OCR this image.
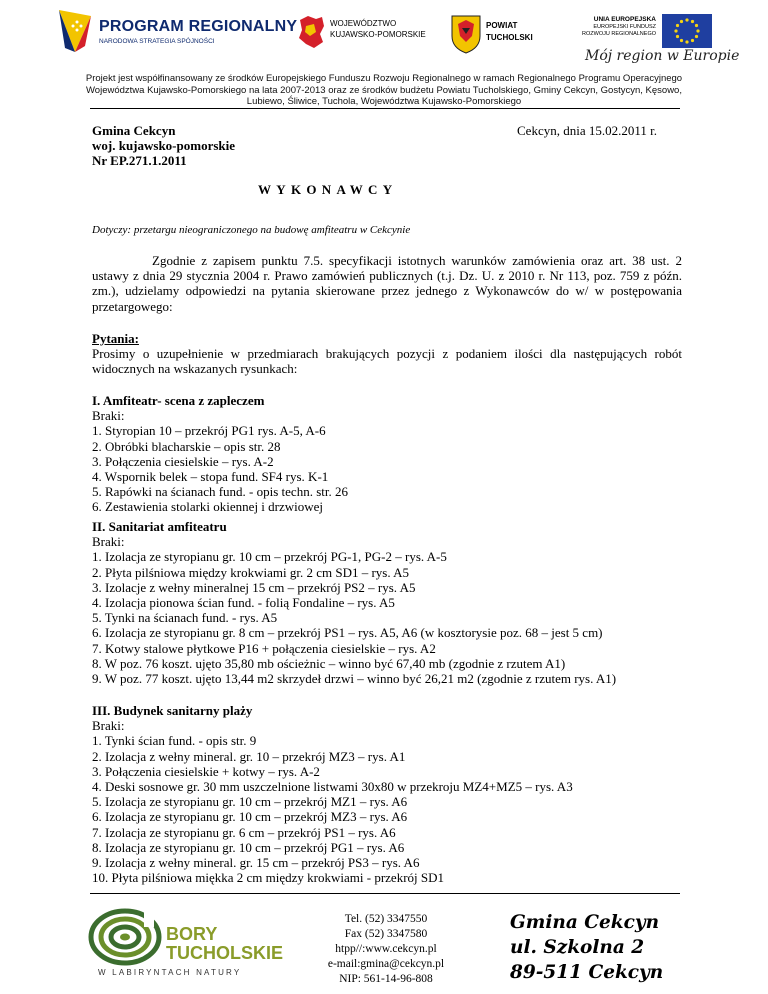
PROGRAM REGIONALNY
NARODOWA STRATEGIA SPÓJNOŚCI
WOJEWÓDZTWO
KUJAWSKO-POMORSKIE
POWIAT
TUCHOLSKI
UNIA EUROPEJSKA
EUROPEJSKI FUNDUSZ
ROZWOJU REGIONALNEGO
Mój region w Europie
Projekt jest współfinansowany ze środków Europejskiego Funduszu Rozwoju Regionalnego w ramach Regionalnego Programu Operacyjnego Województwa Kujawsko-Pomorskiego na lata 2007-2013 oraz ze środków budżetu Powiatu Tucholskiego, Gminy Cekcyn, Gostycyn, Kęsowo, Lubiewo, Śliwice, Tuchola, Województwa Kujawsko-Pomorskiego
Gmina Cekcyn
woj. kujawsko-pomorskie
Nr EP.271.1.2011
Cekcyn, dnia 15.02.2011 r.
WYKONAWCY
Dotyczy: przetargu nieograniczonego na budowę amfiteatru w Cekcynie
Zgodnie z zapisem punktu 7.5. specyfikacji istotnych warunków zamówienia oraz art. 38 ust. 2 ustawy z dnia 29 stycznia 2004 r. Prawo zamówień publicznych (t.j. Dz. U. z 2010 r. Nr 113, poz. 759 z późn. zm.), udzielamy odpowiedzi na pytania skierowane przez jednego z Wykonawców do w/ w postępowania przetargowego:
Pytania:
Prosimy o uzupełnienie w przedmiarach brakujących pozycji z podaniem ilości dla następujących robót widocznych na wskazanych rysunkach:
I. Amfiteatr- scena z zapleczem
Braki:
1. Styropian 10 – przekrój PG1 rys. A-5, A-6
2. Obróbki blacharskie – opis str. 28
3. Połączenia ciesielskie – rys. A-2
4. Wspornik belek – stopa fund. SF4 rys. K-1
5. Rapówki na ścianach fund. - opis techn. str. 26
6. Zestawienia stolarki okiennej i drzwiowej
II. Sanitariat amfiteatru
Braki:
1. Izolacja ze styropianu gr. 10 cm – przekrój PG-1, PG-2 – rys. A-5
2. Płyta pilśniowa między krokwiami gr. 2 cm SD1 – rys. A5
3. Izolacje z wełny mineralnej 15 cm – przekrój PS2 – rys. A5
4. Izolacja pionowa ścian fund. - folią Fondaline – rys. A5
5. Tynki na ścianach fund. - rys. A5
6. Izolacja ze styropianu gr. 8 cm – przekrój PS1 – rys. A5, A6 (w kosztorysie poz. 68 – jest 5 cm)
7. Kotwy stalowe płytkowe P16 + połączenia ciesielskie – rys. A2
8. W poz. 76 koszt. ujęto 35,80 mb ościeżnic – winno być 67,40 mb (zgodnie z rzutem A1)
9. W poz. 77 koszt. ujęto 13,44 m2 skrzydeł drzwi – winno być 26,21 m2 (zgodnie z rzutem rys. A1)
III. Budynek sanitarny plaży
Braki:
1. Tynki ścian fund. - opis str. 9
2. Izolacja z wełny mineral. gr. 10 – przekrój MZ3 – rys. A1
3. Połączenia ciesielskie + kotwy – rys. A-2
4. Deski sosnowe gr. 30 mm uszczelnione listwami 30x80 w przekroju MZ4+MZ5 – rys. A3
5. Izolacja ze styropianu gr. 10 cm – przekrój MZ1 – rys. A6
6. Izolacja ze styropianu gr. 10 cm – przekrój MZ3 – rys. A6
7. Izolacja ze styropianu gr. 6 cm – przekrój PS1 – rys. A6
8. Izolacja ze styropianu gr. 10 cm – przekrój PG1 – rys. A6
9. Izolacja z wełny mineral. gr. 15 cm – przekrój PS3 – rys. A6
10. Płyta pilśniowa miękka 2 cm między krokwiami - przekrój SD1
BORY
TUCHOLSKIE
W LABIRYNTACH NATURY
Tel. (52) 3347550
Fax (52) 3347580
htpp//:www.cekcyn.pl
e-mail:gmina@cekcyn.pl
NIP: 561-14-96-808
Gmina Cekcyn
ul. Szkolna 2
89-511 Cekcyn
